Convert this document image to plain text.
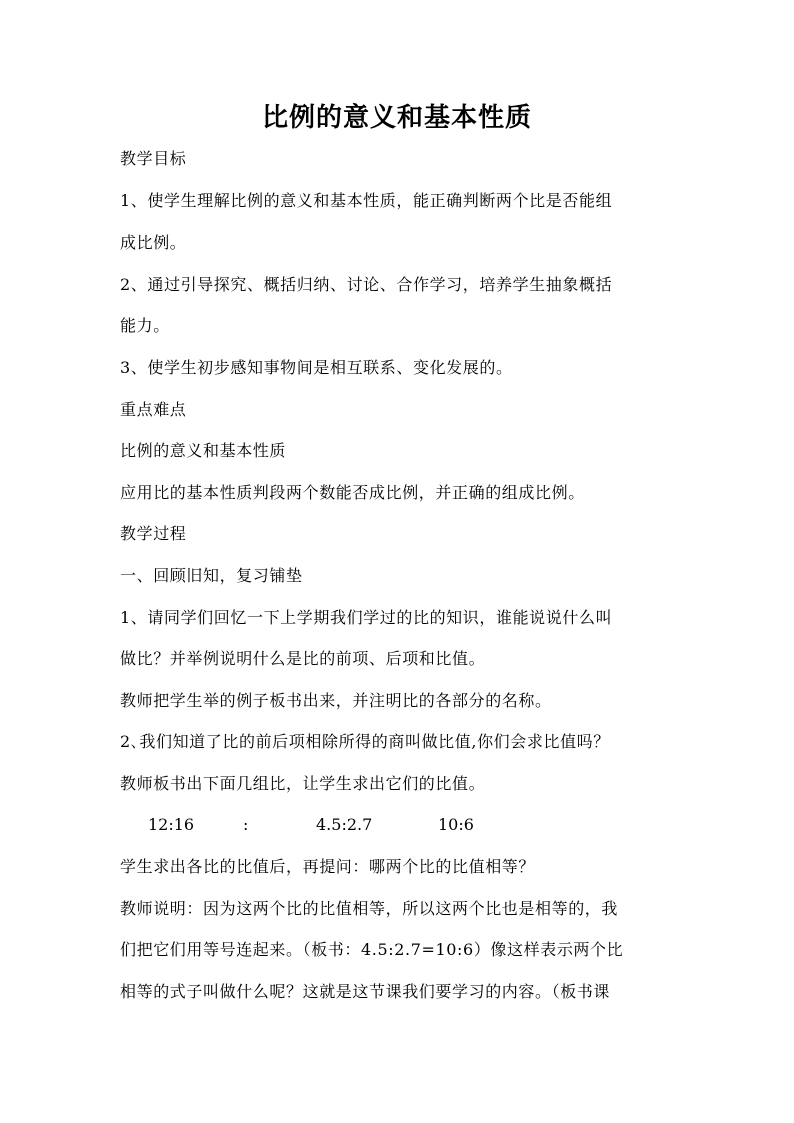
比例的意义和基本性质
教学目标
1、使学生理解比例的意义和基本性质，能正确判断两个比是否能组
成比例。
2、通过引导探究、概括归纳、讨论、合作学习，培养学生抽象概括
能力。
3、使学生初步感知事物间是相互联系、变化发展的。
重点难点
比例的意义和基本性质
应用比的基本性质判段两个数能否成比例，并正确的组成比例。
教学过程
一、回顾旧知，复习铺垫
1、请同学们回忆一下上学期我们学过的比的知识，谁能说说什么叫
做比？并举例说明什么是比的前项、后项和比值。
教师把学生举的例子板书出来，并注明比的各部分的名称。
2､我们知道了比的前后项相除所得的商叫做比值,你们会求比值吗？
教师板书出下面几组比，让学生求出它们的比值。
12:16	:	4.5:2.7	10:6
学生求出各比的比值后，再提问：哪两个比的比值相等？
教师说明：因为这两个比的比值相等，所以这两个比也是相等的，我
们把它们用等号连起来。（板书：4.5:2.7=10:6）像这样表示两个比
相等的式子叫做什么呢？这就是这节课我们要学习的内容。（板书课
